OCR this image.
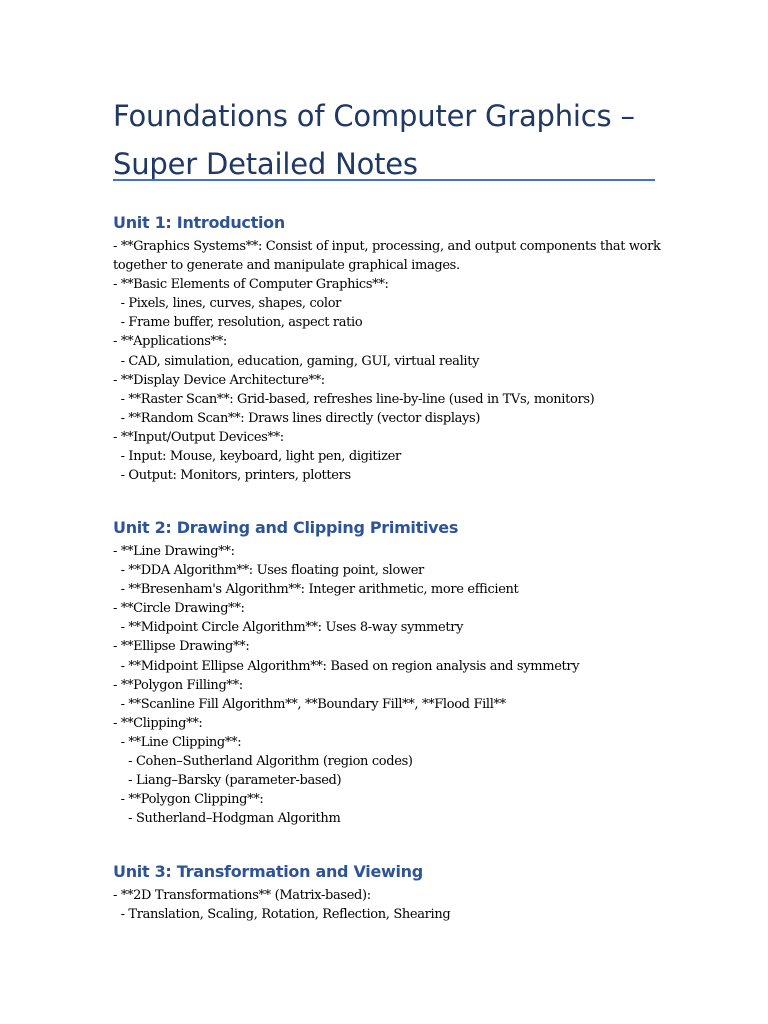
Foundations of Computer Graphics – Super Detailed Notes
Unit 1: Introduction
- **Graphics Systems**: Consist of input, processing, and output components that work together to generate and manipulate graphical images.
- **Basic Elements of Computer Graphics**:
- Pixels, lines, curves, shapes, color
- Frame buffer, resolution, aspect ratio
- **Applications**:
- CAD, simulation, education, gaming, GUI, virtual reality
- **Display Device Architecture**:
- **Raster Scan**: Grid-based, refreshes line-by-line (used in TVs, monitors)
- **Random Scan**: Draws lines directly (vector displays)
- **Input/Output Devices**:
- Input: Mouse, keyboard, light pen, digitizer
- Output: Monitors, printers, plotters
Unit 2: Drawing and Clipping Primitives
- **Line Drawing**:
- **DDA Algorithm**: Uses floating point, slower
- **Bresenham's Algorithm**: Integer arithmetic, more efficient
- **Circle Drawing**:
- **Midpoint Circle Algorithm**: Uses 8-way symmetry
- **Ellipse Drawing**:
- **Midpoint Ellipse Algorithm**: Based on region analysis and symmetry
- **Polygon Filling**:
- **Scanline Fill Algorithm**, **Boundary Fill**, **Flood Fill**
- **Clipping**:
- **Line Clipping**:
- Cohen–Sutherland Algorithm (region codes)
- Liang–Barsky (parameter-based)
- **Polygon Clipping**:
- Sutherland–Hodgman Algorithm
Unit 3: Transformation and Viewing
- **2D Transformations** (Matrix-based):
- Translation, Scaling, Rotation, Reflection, Shearing
